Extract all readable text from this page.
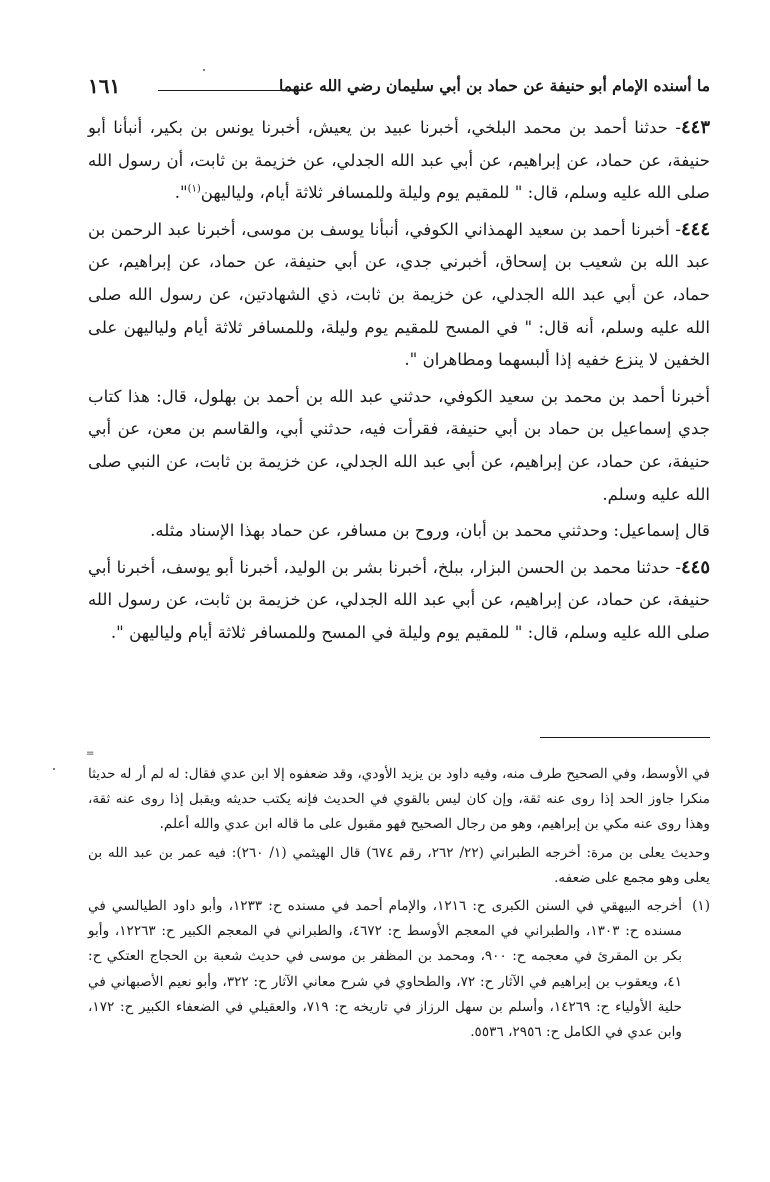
ما أسنده الإمام أبو حنيفة عن حماد بن أبي سليمان رضي الله عنهما
١٦١

٤٤٣- حدثنا أحمد بن محمد البلخي، أخبرنا عبيد بن يعيش، أخبرنا يونس بن بكير، أنبأنا أبو حنيفة، عن حماد، عن إبراهيم، عن أبي عبد الله الجدلي، عن خزيمة بن ثابت، أن رسول الله صلى الله عليه وسلم، قال: " للمقيم يوم وليلة وللمسافر ثلاثة أيام، ولياليهن$^{(١)}$".

٤٤٤- أخبرنا أحمد بن سعيد الهمذاني الكوفي، أنبأنا يوسف بن موسى، أخبرنا عبد الرحمن بن عبد الله بن شعيب بن إسحاق، أخبرني جدي، عن أبي حنيفة، عن حماد، عن إبراهيم، عن حماد، عن أبي عبد الله الجدلي، عن خزيمة بن ثابت، ذي الشهادتين، عن رسول الله صلى الله عليه وسلم، أنه قال: " في المسح للمقيم يوم وليلة، وللمسافر ثلاثة أيام ولياليهن على الخفين لا ينزع خفيه إذا ألبسهما ومطاهران ".

أخبرنا أحمد بن محمد بن سعيد الكوفي، حدثني عبد الله بن أحمد بن بهلول، قال: هذا كتاب جدي إسماعيل بن حماد بن أبي حنيفة، فقرأت فيه، حدثني أبي، والقاسم بن معن، عن أبي حنيفة، عن حماد، عن إبراهيم، عن أبي عبد الله الجدلي، عن خزيمة بن ثابت، عن النبي صلى الله عليه وسلم.

قال إسماعيل: وحدثني محمد بن أبان، وروح بن مسافر، عن حماد بهذا الإسناد مثله.

٤٤٥- حدثنا محمد بن الحسن البزار، ببلخ، أخبرنا بشر بن الوليد، أخبرنا أبو يوسف، أخبرنا أبي حنيفة، عن حماد، عن إبراهيم، عن أبي عبد الله الجدلي، عن خزيمة بن ثابت، عن رسول الله صلى الله عليه وسلم، قال: " للمقيم يوم وليلة في المسح وللمسافر ثلاثة أيام ولياليهن ".

=

في الأوسط، وفي الصحيح طرف منه، وفيه داود بن يزيد الأودي، وقد ضعفوه إلا ابن عدي فقال: له لم أر له حديثا منكرا جاوز الحد إذا روى عنه ثقة، وإن كان ليس بالقوي في الحديث فإنه يكتب حديثه ويقبل إذا روى عنه ثقة، وهذا روى عنه مكي بن إبراهيم، وهو من رجال الصحيح فهو مقبول على ما قاله ابن عدي والله أعلم.

وحديث يعلى بن مرة: أخرجه الطبراني (٢٢/ ٢٦٢، رقم ٦٧٤) قال الهيثمي (١/ ٢٦٠): فيه عمر بن عبد الله بن يعلى وهو مجمع على ضعفه.

(١)
أخرجه البيهقي في السنن الكبرى ح: ١٢١٦، والإمام أحمد في مسنده ح: ١٢٣٣، وأبو داود الطيالسي في مسنده ح: ١٣٠٣، والطبراني في المعجم الأوسط ح: ٤٦٧٢، والطبراني في المعجم الكبير ح: ١٢٢٦٣، وأبو بكر بن المقرئ في معجمه ح: ٩٠٠، ومحمد بن المظفر بن موسى في حديث شعبة بن الحجاج العتكي ح: ٤١، ويعقوب بن إبراهيم في الآثار ح: ٧٢، والطحاوي في شرح معاني الآثار ح: ٣٢٢، وأبو نعيم الأصبهاني في حلية الأولياء ح: ١٤٢٦٩، وأسلم بن سهل الرزاز في تاريخه ح: ٧١٩، والعقيلي في الضعفاء الكبير ح: ١٧٢، وابن عدي في الكامل ح: ٢٩٥٦، ٥٥٣٦.
